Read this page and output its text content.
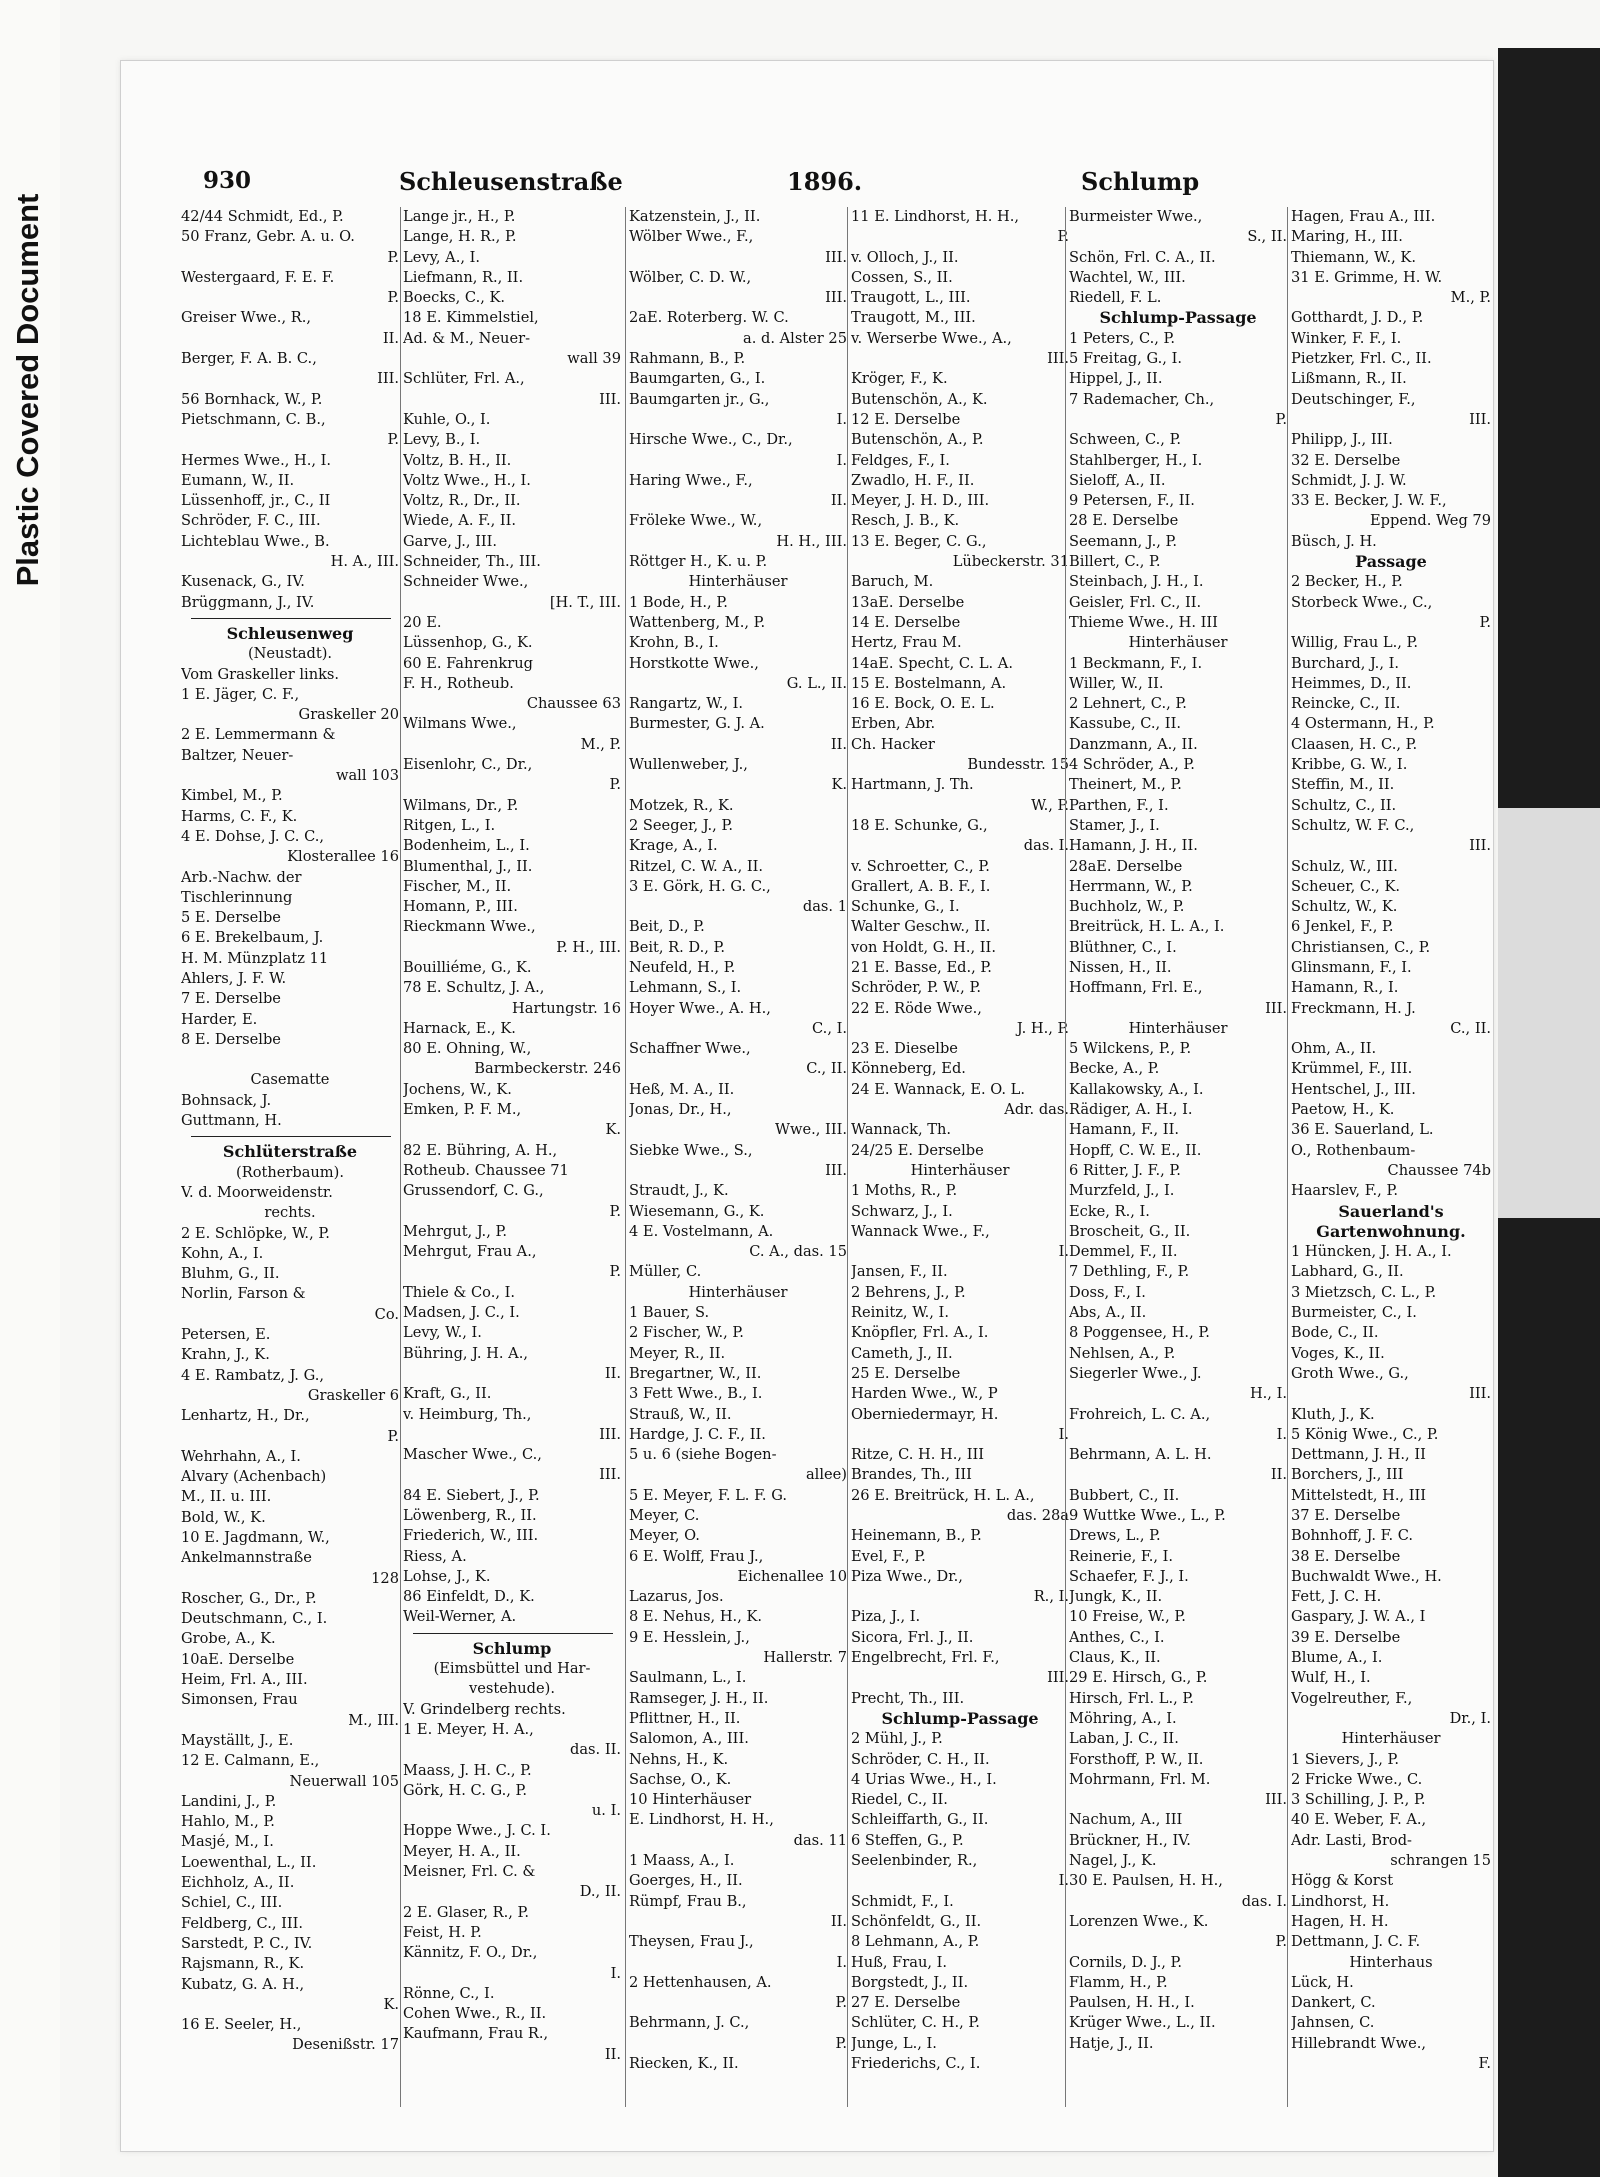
Plastic Covered Document
930	Schleusenstraße	1896.	Schlump
42/44 Schmidt, Ed., P.
50 Franz, Gebr. A. u. O.
P.
Westergaard, F. E. F.
P.
Greiser Wwe., R.,
II.
Berger, F. A. B. C.,
III.
56 Bornhack, W., P.
Pietschmann, C. B.,
P.
Hermes Wwe., H., I.
Eumann, W., II.
Lüssenhoff, jr., C., II
Schröder, F. C., III.
Lichteblau Wwe., B.
H. A., III.
Kusenack, G., IV.
Brüggmann, J., IV.
Schleusenweg
(Neustadt).
Vom Graskeller links.
1 E. Jäger, C. F.,
Graskeller 20
2 E. Lemmermann &
Baltzer, Neuer-
wall 103
Kimbel, M., P.
Harms, C. F., K.
4 E. Dohse, J. C. C.,
Klosterallee 16
Arb.-Nachw. der
Tischlerinnung
5 E. Derselbe
6 E. Brekelbaum, J.
H. M. Münzplatz 11
Ahlers, J. F. W.
7 E. Derselbe
Harder, E.
8 E. Derselbe
Casematte
Bohnsack, J.
Guttmann, H.
Schlüterstraße
(Rotherbaum).
V. d. Moorweidenstr.
rechts.
2 E. Schlöpke, W., P.
Kohn, A., I.
Bluhm, G., II.
Norlin, Farson &
Co.
Petersen, E.
Krahn, J., K.
4 E. Rambatz, J. G.,
Graskeller 6
Lenhartz, H., Dr.,
P.
Wehrhahn, A., I.
Alvary (Achenbach)
M., II. u. III.
Bold, W., K.
10 E. Jagdmann, W.,
Ankelmannstraße
128
Roscher, G., Dr., P.
Deutschmann, C., I.
Grobe, A., K.
10aE. Derselbe
Heim, Frl. A., III.
Simonsen, Frau
M., III.
Mayställt, J., E.
12 E. Calmann, E.,
Neuerwall 105
Landini, J., P.
Hahlo, M., P.
Masjé, M., I.
Loewenthal, L., II.
Eichholz, A., II.
Schiel, C., III.
Feldberg, C., III.
Sarstedt, P. C., IV.
Rajsmann, R., K.
Kubatz, G. A. H.,
K.
16 E. Seeler, H.,
Desenißstr. 17
Lange jr., H., P.
Lange, H. R., P.
Levy, A., I.
Liefmann, R., II.
Boecks, C., K.
18 E. Kimmelstiel,
Ad. & M., Neuer-
wall 39
Schlüter, Frl. A.,
III.
Kuhle, O., I.
Levy, B., I.
Voltz, B. H., II.
Voltz Wwe., H., I.
Voltz, R., Dr., II.
Wiede, A. F., II.
Garve, J., III.
Schneider, Th., III.
Schneider Wwe.,
[H. T., III.
20 E.
Lüssenhop, G., K.
60 E. Fahrenkrug
F. H., Rotheub.
Chaussee 63
Wilmans Wwe.,
M., P.
Eisenlohr, C., Dr.,
P.
Wilmans, Dr., P.
Ritgen, L., I.
Bodenheim, L., I.
Blumenthal, J., II.
Fischer, M., II.
Homann, P., III.
Rieckmann Wwe.,
P. H., III.
Bouilliéme, G., K.
78 E. Schultz, J. A.,
Hartungstr. 16
Harnack, E., K.
80 E. Ohning, W.,
Barmbeckerstr. 246
Jochens, W., K.
Emken, P. F. M.,
K.
82 E. Bühring, A. H.,
Rotheub. Chaussee 71
Grussendorf, C. G.,
P.
Mehrgut, J., P.
Mehrgut, Frau A.,
P.
Thiele & Co., I.
Madsen, J. C., I.
Levy, W., I.
Bühring, J. H. A.,
II.
Kraft, G., II.
v. Heimburg, Th.,
III.
Mascher Wwe., C.,
III.
84 E. Siebert, J., P.
Löwenberg, R., II.
Friederich, W., III.
Riess, A.
Lohse, J., K.
86 Einfeldt, D., K.
Weil-Werner, A.
Schlump
(Eimsbüttel und Har-
vestehude).
V. Grindelberg rechts.
1 E. Meyer, H. A.,
das. II.
Maass, J. H. C., P.
Görk, H. C. G., P.
u. I.
Hoppe Wwe., J. C. I.
Meyer, H. A., II.
Meisner, Frl. C. &
D., II.
2 E. Glaser, R., P.
Feist, H. P.
Kännitz, F. O., Dr.,
I.
Rönne, C., I.
Cohen Wwe., R., II.
Kaufmann, Frau R.,
II.
Katzenstein, J., II.
Wölber Wwe., F.,
III.
Wölber, C. D. W.,
III.
2aE. Roterberg. W. C.
a. d. Alster 25
Rahmann, B., P.
Baumgarten, G., I.
Baumgarten jr., G.,
I.
Hirsche Wwe., C., Dr.,
I.
Haring Wwe., F.,
II.
Fröleke Wwe., W.,
H. H., III.
Röttger H., K. u. P.
Hinterhäuser
1 Bode, H., P.
Wattenberg, M., P.
Krohn, B., I.
Horstkotte Wwe.,
G. L., II.
Rangartz, W., I.
Burmester, G. J. A.
II.
Wullenweber, J.,
K.
Motzek, R., K.
2 Seeger, J., P.
Krage, A., I.
Ritzel, C. W. A., II.
3 E. Görk, H. G. C.,
das. 1
Beit, D., P.
Beit, R. D., P.
Neufeld, H., P.
Lehmann, S., I.
Hoyer Wwe., A. H.,
C., I.
Schaffner Wwe.,
C., II.
Heß, M. A., II.
Jonas, Dr., H.,
Wwe., III.
Siebke Wwe., S.,
III.
Straudt, J., K.
Wiesemann, G., K.
4 E. Vostelmann, A.
C. A., das. 15
Müller, C.
Hinterhäuser
1 Bauer, S.
2 Fischer, W., P.
Meyer, R., II.
Bregartner, W., II.
3 Fett Wwe., B., I.
Strauß, W., II.
Hardge, J. C. F., II.
5 u. 6 (siehe Bogen-
allee)
5 E. Meyer, F. L. F. G.
Meyer, C.
Meyer, O.
6 E. Wolff, Frau J.,
Eichenallee 10
Lazarus, Jos.
8 E. Nehus, H., K.
9 E. Hesslein, J.,
Hallerstr. 7
Saulmann, L., I.
Ramseger, J. H., II.
Pflittner, H., II.
Salomon, A., III.
Nehns, H., K.
Sachse, O., K.
10 Hinterhäuser
E. Lindhorst, H. H.,
das. 11
1 Maass, A., I.
Goerges, H., II.
Rümpf, Frau B.,
II.
Theysen, Frau J.,
I.
2 Hettenhausen, A.
P.
Behrmann, J. C.,
P.
Riecken, K., II.
11 E. Lindhorst, H. H.,
P.
v. Olloch, J., II.
Cossen, S., II.
Traugott, L., III.
Traugott, M., III.
v. Werserbe Wwe., A.,
III.
Kröger, F., K.
Butenschön, A., K.
12 E. Derselbe
Butenschön, A., P.
Feldges, F., I.
Zwadlo, H. F., II.
Meyer, J. H. D., III.
Resch, J. B., K.
13 E. Beger, C. G.,
Lübeckerstr. 31
Baruch, M.
13aE. Derselbe
14 E. Derselbe
Hertz, Frau M.
14aE. Specht, C. L. A.
15 E. Bostelmann, A.
16 E. Bock, O. E. L.
Erben, Abr.
Ch. Hacker
Bundesstr. 15
Hartmann, J. Th.
W., P.
18 E. Schunke, G.,
das. I.
v. Schroetter, C., P.
Grallert, A. B. F., I.
Schunke, G., I.
Walter Geschw., II.
von Holdt, G. H., II.
21 E. Basse, Ed., P.
Schröder, P. W., P.
22 E. Röde Wwe.,
J. H., P.
23 E. Dieselbe
Könneberg, Ed.
24 E. Wannack, E. O. L.
Adr. das.
Wannack, Th.
24/25 E. Derselbe
Hinterhäuser
1 Moths, R., P.
Schwarz, J., I.
Wannack Wwe., F.,
I.
Jansen, F., II.
2 Behrens, J., P.
Reinitz, W., I.
Knöpfler, Frl. A., I.
Cameth, J., II.
25 E. Derselbe
Harden Wwe., W., P
Oberniedermayr, H.
I.
Ritze, C. H. H., III
Brandes, Th., III
26 E. Breitrück, H. L. A.,
das. 28a
Heinemann, B., P.
Evel, F., P.
Piza Wwe., Dr.,
R., I.
Piza, J., I.
Sicora, Frl. J., II.
Engelbrecht, Frl. F.,
III.
Precht, Th., III.
Schlump-Passage
2 Mühl, J., P.
Schröder, C. H., II.
4 Urias Wwe., H., I.
Riedel, C., II.
Schleiffarth, G., II.
6 Steffen, G., P.
Seelenbinder, R.,
I.
Schmidt, F., I.
Schönfeldt, G., II.
8 Lehmann, A., P.
Huß, Frau, I.
Borgstedt, J., II.
27 E. Derselbe
Schlüter, C. H., P.
Junge, L., I.
Friederichs, C., I.
Burmeister Wwe.,
S., II.
Schön, Frl. C. A., II.
Wachtel, W., III.
Riedell, F. L.
Schlump-Passage
1 Peters, C., P.
5 Freitag, G., I.
Hippel, J., II.
7 Rademacher, Ch.,
P.
Schween, C., P.
Stahlberger, H., I.
Sieloff, A., II.
9 Petersen, F., II.
28 E. Derselbe
Seemann, J., P.
Billert, C., P.
Steinbach, J. H., I.
Geisler, Frl. C., II.
Thieme Wwe., H. III
Hinterhäuser
1 Beckmann, F., I.
Willer, W., II.
2 Lehnert, C., P.
Kassube, C., II.
Danzmann, A., II.
4 Schröder, A., P.
Theinert, M., P.
Parthen, F., I.
Stamer, J., I.
Hamann, J. H., II.
28aE. Derselbe
Herrmann, W., P.
Buchholz, W., P.
Breitrück, H. L. A., I.
Blüthner, C., I.
Nissen, H., II.
Hoffmann, Frl. E.,
III.
Hinterhäuser
5 Wilckens, P., P.
Becke, A., P.
Kallakowsky, A., I.
Rädiger, A. H., I.
Hamann, F., II.
Hopff, C. W. E., II.
6 Ritter, J. F., P.
Murzfeld, J., I.
Ecke, R., I.
Broscheit, G., II.
Demmel, F., II.
7 Dethling, F., P.
Doss, F., I.
Abs, A., II.
8 Poggensee, H., P.
Nehlsen, A., P.
Siegerler Wwe., J.
H., I.
Frohreich, L. C. A.,
I.
Behrmann, A. L. H.
II.
Bubbert, C., II.
9 Wuttke Wwe., L., P.
Drews, L., P.
Reinerie, F., I.
Schaefer, F. J., I.
Jungk, K., II.
10 Freise, W., P.
Anthes, C., I.
Claus, K., II.
29 E. Hirsch, G., P.
Hirsch, Frl. L., P.
Möhring, A., I.
Laban, J. C., II.
Forsthoff, P. W., II.
Mohrmann, Frl. M.
III.
Nachum, A., III
Brückner, H., IV.
Nagel, J., K.
30 E. Paulsen, H. H.,
das. I.
Lorenzen Wwe., K.
P.
Cornils, D. J., P.
Flamm, H., P.
Paulsen, H. H., I.
Krüger Wwe., L., II.
Hatje, J., II.
Hagen, Frau A., III.
Maring, H., III.
Thiemann, W., K.
31 E. Grimme, H. W.
M., P.
Gotthardt, J. D., P.
Winker, F. F., I.
Pietzker, Frl. C., II.
Lißmann, R., II.
Deutschinger, F.,
III.
Philipp, J., III.
32 E. Derselbe
Schmidt, J. J. W.
33 E. Becker, J. W. F.,
Eppend. Weg 79
Büsch, J. H.
Passage
2 Becker, H., P.
Storbeck Wwe., C.,
P.
Willig, Frau L., P.
Burchard, J., I.
Heimmes, D., II.
Reincke, C., II.
4 Ostermann, H., P.
Claasen, H. C., P.
Kribbe, G. W., I.
Steffin, M., II.
Schultz, C., II.
Schultz, W. F. C.,
III.
Schulz, W., III.
Scheuer, C., K.
Schultz, W., K.
6 Jenkel, F., P.
Christiansen, C., P.
Glinsmann, F., I.
Hamann, R., I.
Freckmann, H. J.
C., II.
Ohm, A., II.
Krümmel, F., III.
Hentschel, J., III.
Paetow, H., K.
36 E. Sauerland, L.
O., Rothenbaum-
Chaussee 74b
Haarslev, F., P.
Sauerland's
Gartenwohnung.
1 Hüncken, J. H. A., I.
Labhard, G., II.
3 Mietzsch, C. L., P.
Burmeister, C., I.
Bode, C., II.
Voges, K., II.
Groth Wwe., G.,
III.
Kluth, J., K.
5 König Wwe., C., P.
Dettmann, J. H., II
Borchers, J., III
Mittelstedt, H., III
37 E. Derselbe
Bohnhoff, J. F. C.
38 E. Derselbe
Buchwaldt Wwe., H.
Fett, J. C. H.
Gaspary, J. W. A., I
39 E. Derselbe
Blume, A., I.
Wulf, H., I.
Vogelreuther, F.,
Dr., I.
Hinterhäuser
1 Sievers, J., P.
2 Fricke Wwe., C.
3 Schilling, J. P., P.
40 E. Weber, F. A.,
Adr. Lasti, Brod-
schrangen 15
Högg & Korst
Lindhorst, H.
Hagen, H. H.
Dettmann, J. C. F.
Hinterhaus
Lück, H.
Dankert, C.
Jahnsen, C.
Hillebrandt Wwe.,
F.
